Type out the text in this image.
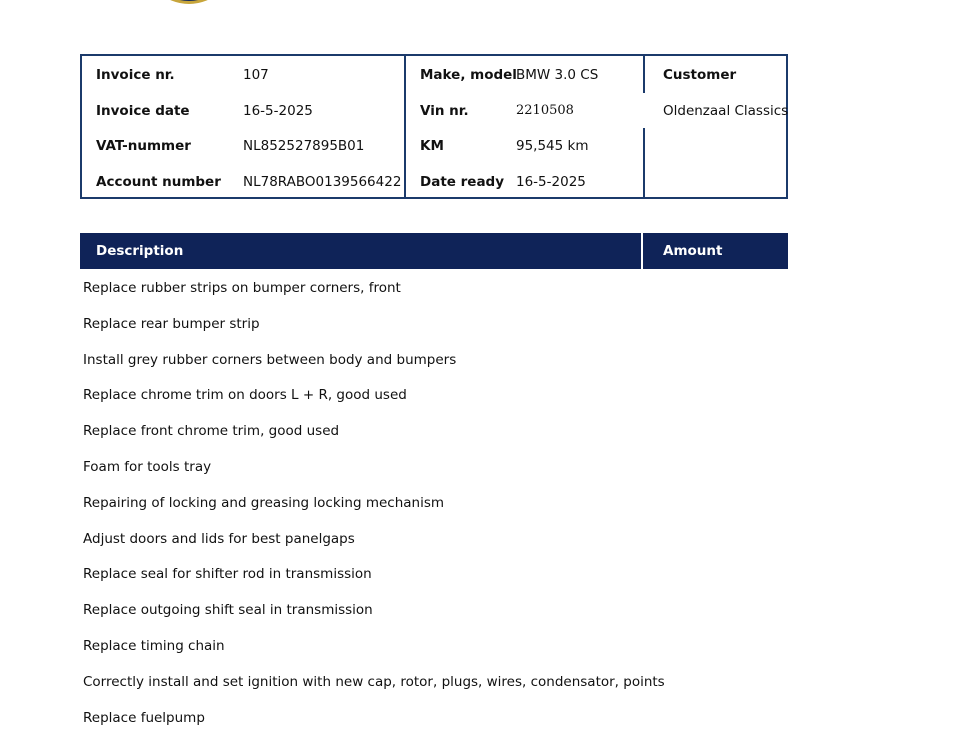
Invoice nr.	107
Invoice date	16-5-2025
VAT-nummer	NL852527895B01
Account number NL78RABO0139566422
Make, model BMW 3.0 CS
Vin nr.	2210508
KM	95,545 km
Date ready 16-5-2025
Customer
Oldenzaal Classics
Description	Amount
Replace rubber strips on bumper corners, front
Replace rear bumper strip
Install grey rubber corners between body and bumpers
Replace chrome trim on doors L + R, good used
Replace front chrome trim, good used
Foam for tools tray
Repairing of locking and greasing locking mechanism
Adjust doors and lids for best panelgaps
Replace seal for shifter rod in transmission
Replace outgoing shift seal in transmission
Replace timing chain
Correctly install and set ignition with new cap, rotor, plugs, wires, condensator, points
Replace fuelpump
